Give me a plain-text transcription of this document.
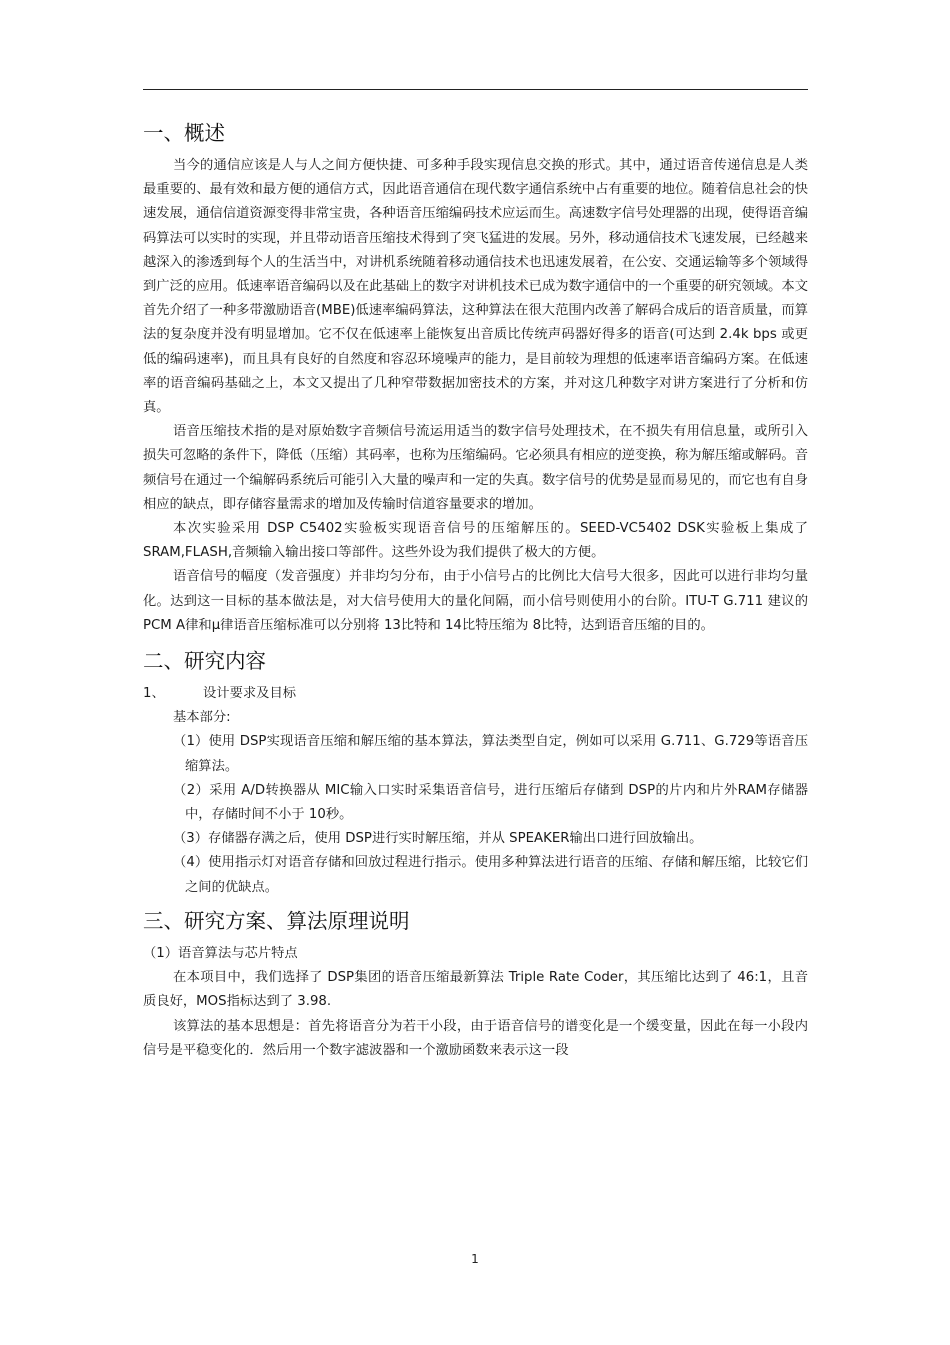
一、概述

当今的通信应该是人与人之间方便快捷、可多种手段实现信息交换的形式。其中，通过语音传递信息是人类最重要的、最有效和最方便的通信方式，因此语音通信在现代数字通信系统中占有重要的地位。随着信息社会的快速发展，通信信道资源变得非常宝贵，各种语音压缩编码技术应运而生。高速数字信号处理器的出现，使得语音编码算法可以实时的实现，并且带动语音压缩技术得到了突飞猛进的发展。另外，移动通信技术飞速发展，已经越来越深入的渗透到每个人的生活当中，对讲机系统随着移动通信技术也迅速发展着，在公安、交通运输等多个领域得到广泛的应用。低速率语音编码以及在此基础上的数字对讲机技术已成为数字通信中的一个重要的研究领域。本文首先介绍了一种多带激励语音(MBE)低速率编码算法，这种算法在很大范围内改善了解码合成后的语音质量，而算法的复杂度并没有明显增加。它不仅在低速率上能恢复出音质比传统声码器好得多的语音(可达到 2.4k bps 或更低的编码速率)，而且具有良好的自然度和容忍环境噪声的能力，是目前较为理想的低速率语音编码方案。在低速率的语音编码基础之上，本文又提出了几种窄带数据加密技术的方案，并对这几种数字对讲方案进行了分析和仿真。

语音压缩技术指的是对原始数字音频信号流运用适当的数字信号处理技术，在不损失有用信息量，或所引入损失可忽略的条件下，降低（压缩）其码率，也称为压缩编码。它必须具有相应的逆变换，称为解压缩或解码。音频信号在通过一个编解码系统后可能引入大量的噪声和一定的失真。数字信号的优势是显而易见的，而它也有自身相应的缺点，即存储容量需求的增加及传输时信道容量要求的增加。

本次实验采用 DSP C5402实验板实现语音信号的压缩解压的。SEED-VC5402 DSK实验板上集成了 SRAM,FLASH,音频输入输出接口等部件。这些外设为我们提供了极大的方便。

语音信号的幅度（发音强度）并非均匀分布，由于小信号占的比例比大信号大很多，因此可以进行非均匀量化。达到这一目标的基本做法是，对大信号使用大的量化间隔，而小信号则使用小的台阶。ITU-T G.711 建议的 PCM A律和μ律语音压缩标准可以分别将 13比特和 14比特压缩为 8比特，达到语音压缩的目的。

二、研究内容

1、	设计要求及目标

基本部分:

（1）使用 DSP实现语音压缩和解压缩的基本算法，算法类型自定，例如可以采用 G.711、G.729等语音压缩算法。

（2）采用 A/D转换器从 MIC输入口实时采集语音信号，进行压缩后存储到 DSP的片内和片外RAM存储器中，存储时间不小于 10秒。

（3）存储器存满之后，使用 DSP进行实时解压缩，并从 SPEAKER输出口进行回放输出。

（4）使用指示灯对语音存储和回放过程进行指示。使用多种算法进行语音的压缩、存储和解压缩，比较它们之间的优缺点。

三、研究方案、算法原理说明

（1）语音算法与芯片特点

在本项目中，我们选择了 DSP集团的语音压缩最新算法 Triple Rate Coder，其压缩比达到了 46:1，且音质良好，MOS指标达到了 3.98.

该算法的基本思想是：首先将语音分为若干小段，由于语音信号的谱变化是一个缓变量，因此在每一小段内信号是平稳变化的．然后用一个数字滤波器和一个激励函数来表示这一段

1
